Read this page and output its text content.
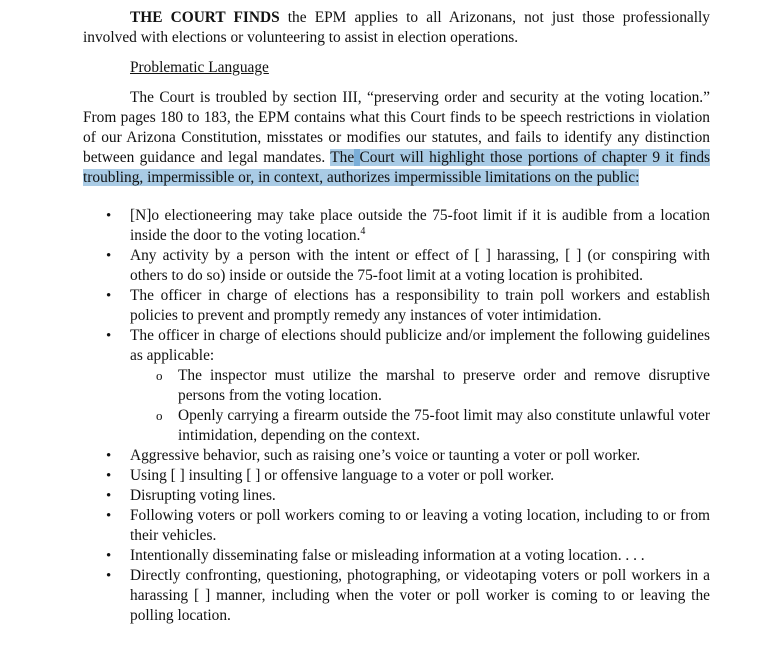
THE COURT FINDS the EPM applies to all Arizonans, not just those professionally involved with elections or volunteering to assist in election operations.

Problematic Language

The Court is troubled by section III, “preserving order and security at the voting location.” From pages 180 to 183, the EPM contains what this Court finds to be speech restrictions in violation of our Arizona Constitution, misstates or modifies our statutes, and fails to identify any distinction between guidance and legal mandates. The Court will highlight those portions of chapter 9 it finds troubling, impermissible or, in context, authorizes impermissible limitations on the public:

• [N]o electioneering may take place outside the 75-foot limit if it is audible from a location inside the door to the voting location.$^4$
• Any activity by a person with the intent or effect of [ ] harassing, [ ] (or conspiring with others to do so) inside or outside the 75-foot limit at a voting location is prohibited.
• The officer in charge of elections has a responsibility to train poll workers and establish policies to prevent and promptly remedy any instances of voter intimidation.
• The officer in charge of elections should publicize and/or implement the following guidelines as applicable:
o The inspector must utilize the marshal to preserve order and remove disruptive persons from the voting location.
o Openly carrying a firearm outside the 75-foot limit may also constitute unlawful voter intimidation, depending on the context.
• Aggressive behavior, such as raising one’s voice or taunting a voter or poll worker.
• Using [ ] insulting [ ] or offensive language to a voter or poll worker.
• Disrupting voting lines.
• Following voters or poll workers coming to or leaving a voting location, including to or from their vehicles.
• Intentionally disseminating false or misleading information at a voting location. . . .
• Directly confronting, questioning, photographing, or videotaping voters or poll workers in a harassing [ ] manner, including when the voter or poll worker is coming to or leaving the polling location.
